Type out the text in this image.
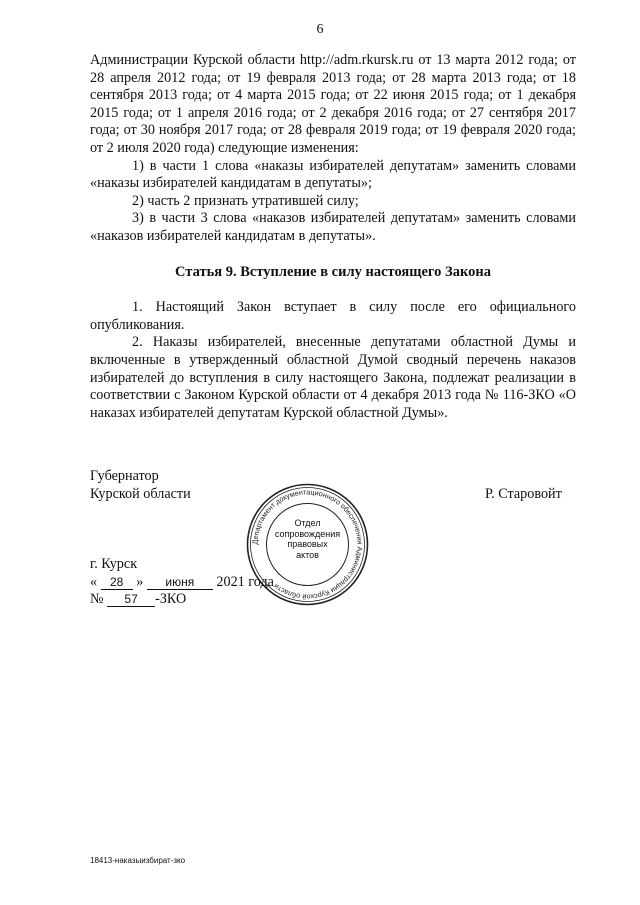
6

Администрации Курской области http://adm.rkursk.ru от 13 марта 2012 года; от 28 апреля 2012 года; от 19 февраля 2013 года; от 28 марта 2013 года; от 18 сентября 2013 года; от 4 марта 2015 года; от 22 июня 2015 года; от 1 декабря 2015 года; от 1 апреля 2016 года; от 2 декабря 2016 года; от 27 сентября 2017 года; от 30 ноября 2017 года; от 28 февраля 2019 года; от 19 февраля 2020 года; от 2 июля 2020 года) следующие изменения:

1) в части 1 слова «наказы избирателей депутатам» заменить словами «наказы избирателей кандидатам в депутаты»;

2) часть 2 признать утратившей силу;

3) в части 3 слова «наказов избирателей депутатам» заменить словами «наказов избирателей кандидатам в депутаты».

Статья 9. Вступление в силу настоящего Закона

1. Настоящий Закон вступает в силу после его официального опубликования.

2. Наказы избирателей, внесенные депутатами областной Думы и включенные в утвержденный областной Думой сводный перечень наказов избирателей до вступления в силу настоящего Закона, подлежат реализации в соответствии с Законом Курской области от 4 декабря 2013 года № 116-ЗКО «О наказах избирателей депутатам Курской областной Думы».

Губернатор
Курской области	Р. Старовойт
Департамент документационного обеспечения Администрации Курской области
Отдел
сопровождения
правовых
актов
г. Курск
« 28 » июня 2021 года
№ 57 -ЗКО
18413-наказыизбират-зко
